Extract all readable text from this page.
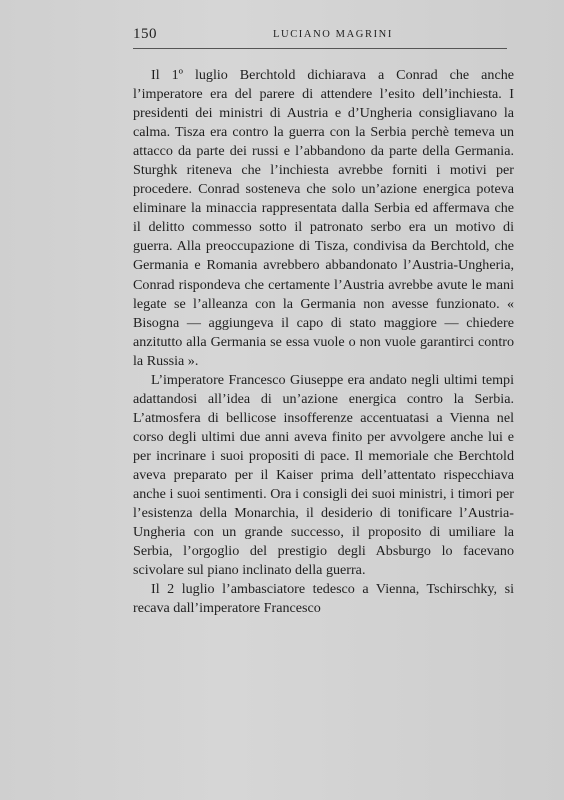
150	LUCIANO MAGRINI

Il 1º luglio Berchtold dichiarava a Conrad che anche l’imperatore era del parere di attendere l’esito dell’inchiesta. I presidenti dei ministri di Austria e d’Ungheria consigliavano la calma. Tisza era contro la guerra con la Serbia perchè temeva un attacco da parte dei russi e l’abbandono da parte della Germania. Sturghk riteneva che l’inchiesta avrebbe forniti i motivi per procedere. Conrad sosteneva che solo un’azione energica poteva eliminare la minaccia rappresentata dalla Serbia ed affermava che il delitto commesso sotto il patronato serbo era un motivo di guerra. Alla preoccupazione di Tisza, condivisa da Berchtold, che Germania e Romania avrebbero abbandonato l’Austria-Ungheria, Conrad rispondeva che certamente l’Austria avrebbe avute le mani legate se l’alleanza con la Germania non avesse funzionato. « Bisogna — aggiungeva il capo di stato maggiore — chiedere anzitutto alla Germania se essa vuole o non vuole garantirci contro la Russia ».

L’imperatore Francesco Giuseppe era andato negli ultimi tempi adattandosi all’idea di un’azione energica contro la Serbia. L’atmosfera di bellicose insofferenze accentuatasi a Vienna nel corso degli ultimi due anni aveva finito per avvolgere anche lui e per incrinare i suoi propositi di pace. Il memoriale che Berchtold aveva preparato per il Kaiser prima dell’attentato rispecchiava anche i suoi sentimenti. Ora i consigli dei suoi ministri, i timori per l’esistenza della Monarchia, il desiderio di tonificare l’Austria-Ungheria con un grande successo, il proposito di umiliare la Serbia, l’orgoglio del prestigio degli Absburgo lo facevano scivolare sul piano inclinato della guerra.

Il 2 luglio l’ambasciatore tedesco a Vienna, Tschirschky, si recava dall’imperatore Francesco
